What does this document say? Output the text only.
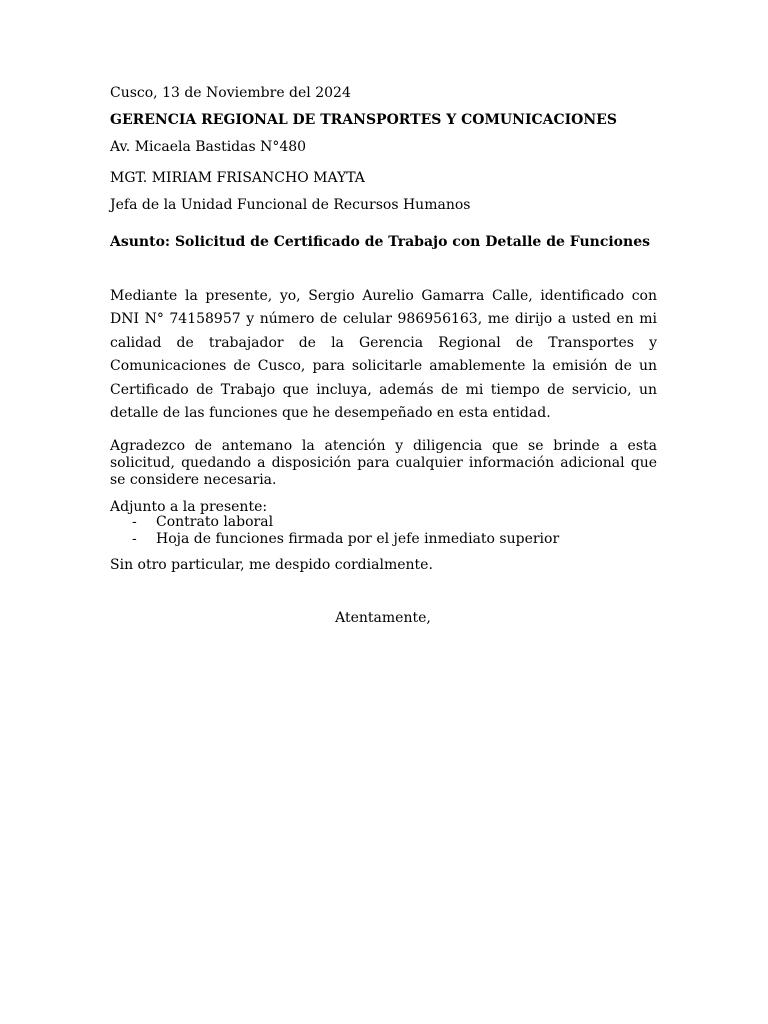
Cusco, 13 de Noviembre del 2024
GERENCIA REGIONAL DE TRANSPORTES Y COMUNICACIONES
Av. Micaela Bastidas N°480
MGT. MIRIAM FRISANCHO MAYTA
Jefa de la Unidad Funcional de Recursos Humanos
Asunto: Solicitud de Certificado de Trabajo con Detalle de Funciones
Mediante la presente, yo, Sergio Aurelio Gamarra Calle, identificado con DNI N° 74158957 y número de celular 986956163, me dirijo a usted en mi calidad de trabajador de la Gerencia Regional de Transportes y Comunicaciones de Cusco, para solicitarle amablemente la emisión de un Certificado de Trabajo que incluya, además de mi tiempo de servicio, un detalle de las funciones que he desempeñado en esta entidad.
Agradezco de antemano la atención y diligencia que se brinde a esta solicitud, quedando a disposición para cualquier información adicional que se considere necesaria.
Adjunto a la presente:
- Contrato laboral
- Hoja de funciones firmada por el jefe inmediato superior
Sin otro particular, me despido cordialmente.
Atentamente,
